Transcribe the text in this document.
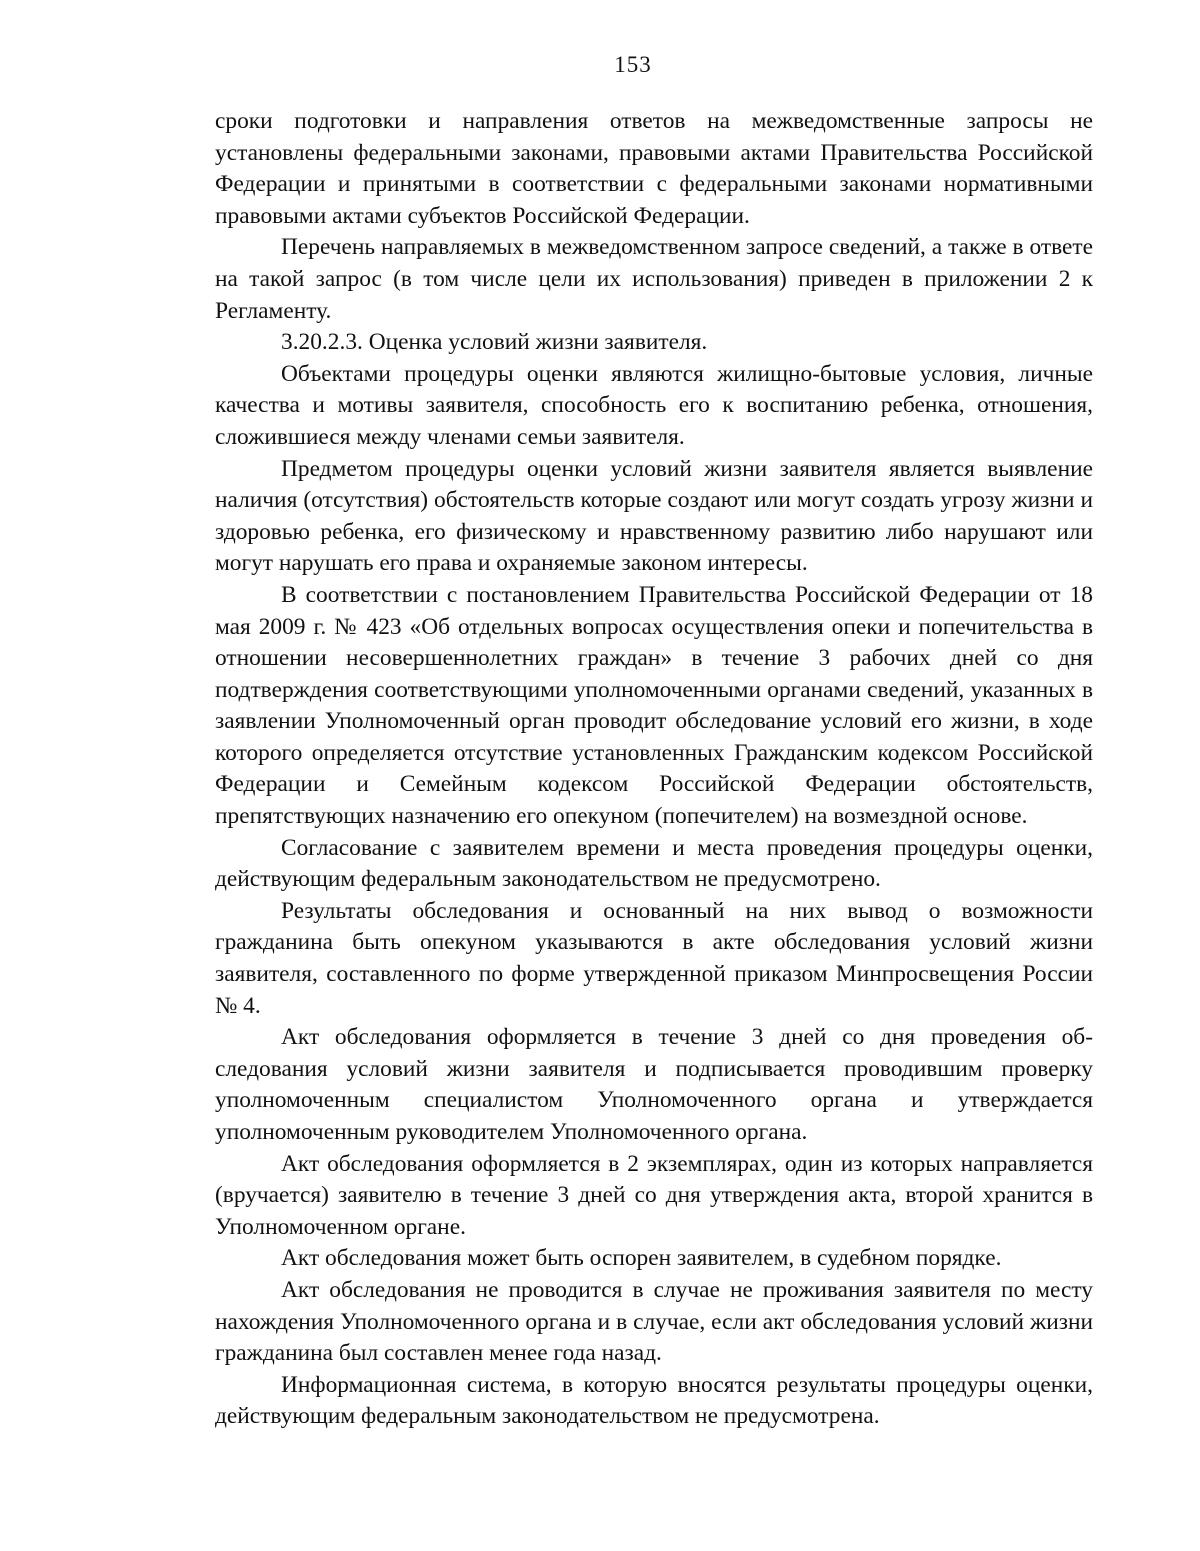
153

сроки подготовки и направления ответов на межведомственные запросы не установлены федеральными законами, правовыми актами Правительства Российской Федерации и принятыми в соответствии с федеральными законами нормативными правовыми актами субъектов Российской Федерации.

Перечень направляемых в межведомственном запросе сведений, а также в ответе на такой запрос (в том числе цели их использования) приведен в приложении 2 к Регламенту.

3.20.2.3. Оценка условий жизни заявителя.

Объектами процедуры оценки являются жилищно-бытовые условия, личные качества и мотивы заявителя, способность его к воспитанию ребенка, отношения, сложившиеся между членами семьи заявителя.

Предметом процедуры оценки условий жизни заявителя является выявление наличия (отсутствия) обстоятельств которые создают или могут создать угрозу жизни и здоровью ребенка, его физическому и нравственному развитию либо нарушают или могут нарушать его права и охраняемые законом интересы.

В соответствии с постановлением Правительства Российской Федерации от 18 мая 2009 г. № 423 «Об отдельных вопросах осуществления опеки и попечительства в отношении несовершеннолетних граждан» в течение 3 рабочих дней со дня подтверждения соответствующими уполномоченными органами сведений, указанных в заявлении Уполномоченный орган проводит обследование условий его жизни, в ходе которого определяется отсутствие установленных Гражданским кодексом Российской Федерации и Семейным кодексом Российской Федерации обстоятельств, препятствующих назначению его опекуном (попечителем) на возмездной основе.

Согласование с заявителем времени и места проведения процедуры оценки, действующим федеральным законодательством не предусмотрено.

Результаты обследования и основанный на них вывод о возможности гражданина быть опекуном указываются в акте обследования условий жизни заявителя, составленного по форме утвержденной приказом Минпросвещения России № 4.

Акт обследования оформляется в течение 3 дней со дня проведения обследования условий жизни заявителя и подписывается проводившим проверку уполномоченным специалистом Уполномоченного органа и утверждается уполномоченным руководителем Уполномоченного органа.

Акт обследования оформляется в 2 экземплярах, один из которых направляется (вручается) заявителю в течение 3 дней со дня утверждения акта, второй хранится в Уполномоченном органе.

Акт обследования может быть оспорен заявителем, в судебном порядке.

Акт обследования не проводится в случае не проживания заявителя по месту нахождения Уполномоченного органа и в случае, если акт обследования условий жизни гражданина был составлен менее года назад.

Информационная система, в которую вносятся результаты процедуры оценки, действующим федеральным законодательством не предусмотрена.
